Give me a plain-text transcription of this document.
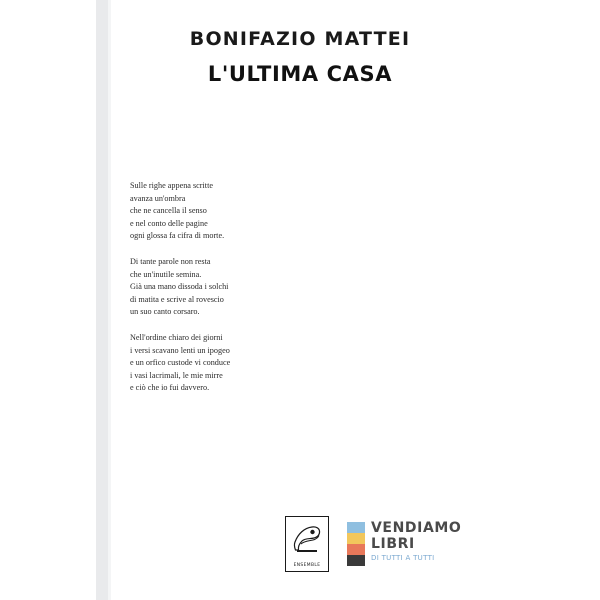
BONIFAZIO MATTEI
L'ULTIMA CASA

Sulle righe appena scritte
avanza un'ombra
che ne cancella il senso
e nel conto delle pagine
ogni glossa fa cifra di morte.

Di tante parole non resta
che un'inutile semina.
Già una mano dissoda i solchi
di matita e scrive al rovescio
un suo canto corsaro.

Nell'ordine chiaro dei giorni
i versi scavano lenti un ipogeo
e un orfico custode vi conduce
i vasi lacrimali, le mie mirre
e ciò che io fui davvero.

ENSEMBLE
VENDIAMO
LIBRI
DI TUTTI A TUTTI
